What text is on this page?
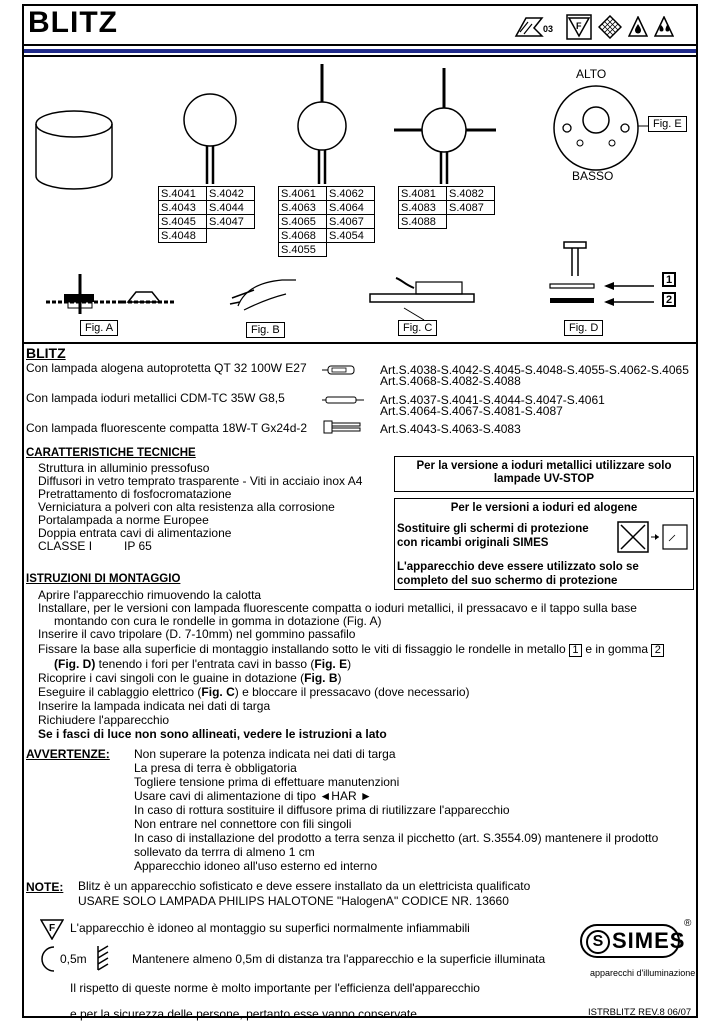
BLITZ	03	F
ALTO
BASSO
Fig. E
S.4041	S.4042
S.4043	S.4044
S.4045	S.4047
S.4048	
S.4061	S.4062
S.4063	S.4064
S.4065	S.4067
S.4068	S.4054
S.4055	
S.4081	S.4082
S.4083	S.4087
S.4088	
Fig. A	Fig. B	Fig. C	Fig. D
1
2
BLITZ
Con lampada alogena autoprotetta QT 32 100W E27	Art.S.4038-S.4042-S.4045-S.4048-S.4055-S.4062-S.4065
Art.S.4068-S.4082-S.4088
Con lampada ioduri metallici CDM-TC 35W G8,5	Art.S.4037-S.4041-S.4044-S.4047-S.4061
Art.S.4064-S.4067-S.4081-S.4087
Con lampada fluorescente compatta 18W-T Gx24d-2	Art.S.4043-S.4063-S.4083
CARATTERISTICHE TECNICHE
Struttura in alluminio pressofuso
Diffusori in vetro temprato trasparente - Viti in acciaio inox A4
Pretrattamento di fosfocromatazione
Verniciatura a polveri con alta resistenza alla corrosione
Portalampada a norme Europee
Doppia entrata cavi di alimentazione
CLASSE I	IP 65
Per la versione a ioduri metallici utilizzare solo
lampade UV-STOP
Per le versioni a ioduri ed alogene
Sostituire gli schermi di protezione
con ricambi originali SIMES
L'apparecchio deve essere utilizzato solo se
completo del suo schermo di protezione
ISTRUZIONI DI MONTAGGIO
Aprire l'apparecchio rimuovendo la calotta
Installare, per le versioni con lampada fluorescente compatta o ioduri metallici, il pressacavo e il tappo sulla base
montando con cura le rondelle in gomma in dotazione (Fig. A)
Inserire il cavo tripolare (D. 7-10mm) nel gommino passafilo
Fissare la base alla superficie di montaggio installando sotto le viti di fissaggio le rondelle in metallo 1 e in gomma 2
(Fig. D) tenendo i fori per l'entrata cavi in basso (Fig. E)
Ricoprire i cavi singoli con le guaine in dotazione (Fig. B)
Eseguire il cablaggio elettrico (Fig. C) e bloccare il pressacavo (dove necessario)
Inserire la lampada indicata nei dati di targa
Richiudere l'apparecchio
Se i fasci di luce non sono allineati, vedere le istruzioni a lato
AVVERTENZE: Non superare la potenza indicata nei dati di targa
La presa di terra è obbligatoria
Togliere tensione prima di effettuare manutenzioni
Usare cavi di alimentazione di tipo ◄HAR ►
In caso di rottura sostituire il diffusore prima di riutilizzare l'apparecchio
Non entrare nel connettore con fili singoli
In caso di installazione del prodotto a terra senza il picchetto (art. S.3554.09) mantenere il prodotto
sollevato da terrra di almeno 1 cm
Apparecchio idoneo all'uso esterno ed interno
NOTE: Blitz è un apparecchio sofisticato e deve essere installato da un elettricista qualificato
USARE SOLO LAMPADA PHILIPS HALOTONE "HalogenA" CODICE NR. 13660
F L'apparecchio è idoneo al montaggio su superfici normalmente infiammabili
0,5m	Mantenere almeno 0,5m di distanza tra l'apparecchio e la superficie illuminata
Il rispetto di queste norme è molto importante per l'efficienza dell'apparecchio
e per la sicurezza delle persone, pertanto esse vanno conservate
S SIMES
®
apparecchi d'illuminazione
ISTRBLITZ REV.8 06/07
